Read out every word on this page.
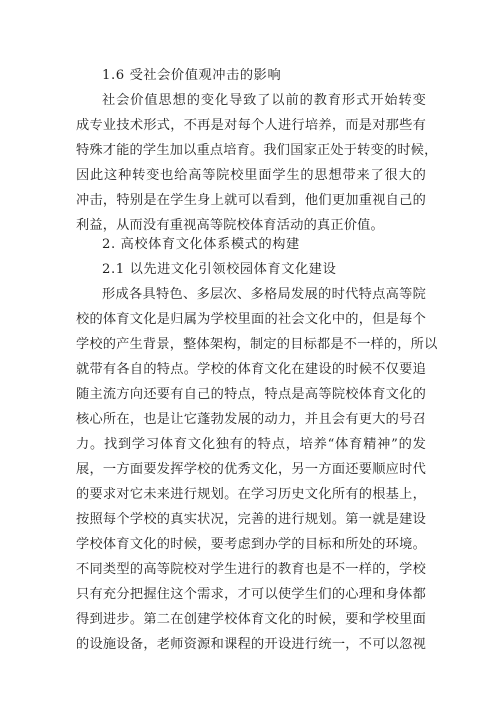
1.6 受社会价值观冲击的影响
社会价值思想的变化导致了以前的教育形式开始转变
成专业技术形式，不再是对每个人进行培养，而是对那些有
特殊才能的学生加以重点培育。我们国家正处于转变的时候，
因此这种转变也给高等院校里面学生的思想带来了很大的
冲击，特别是在学生身上就可以看到，他们更加重视自己的
利益，从而没有重视高等院校体育活动的真正价值。
2. 高校体育文化体系模式的构建
2.1 以先进文化引领校园体育文化建设
形成各具特色、多层次、多格局发展的时代特点高等院
校的体育文化是归属为学校里面的社会文化中的，但是每个
学校的产生背景，整体架构，制定的目标都是不一样的，所以
就带有各自的特点。学校的体育文化在建设的时候不仅要追
随主流方向还要有自己的特点，特点是高等院校体育文化的
核心所在，也是让它蓬勃发展的动力，并且会有更大的号召
力。找到学习体育文化独有的特点，培养“体育精神”的发
展，一方面要发挥学校的优秀文化，另一方面还要顺应时代
的要求对它未来进行规划。在学习历史文化所有的根基上，
按照每个学校的真实状况，完善的进行规划。第一就是建设
学校体育文化的时候，要考虑到办学的目标和所处的环境。
不同类型的高等院校对学生进行的教育也是不一样的，学校
只有充分把握住这个需求，才可以使学生们的心理和身体都
得到进步。第二在创建学校体育文化的时候，要和学校里面
的设施设备，老师资源和课程的开设进行统一，不可以忽视
